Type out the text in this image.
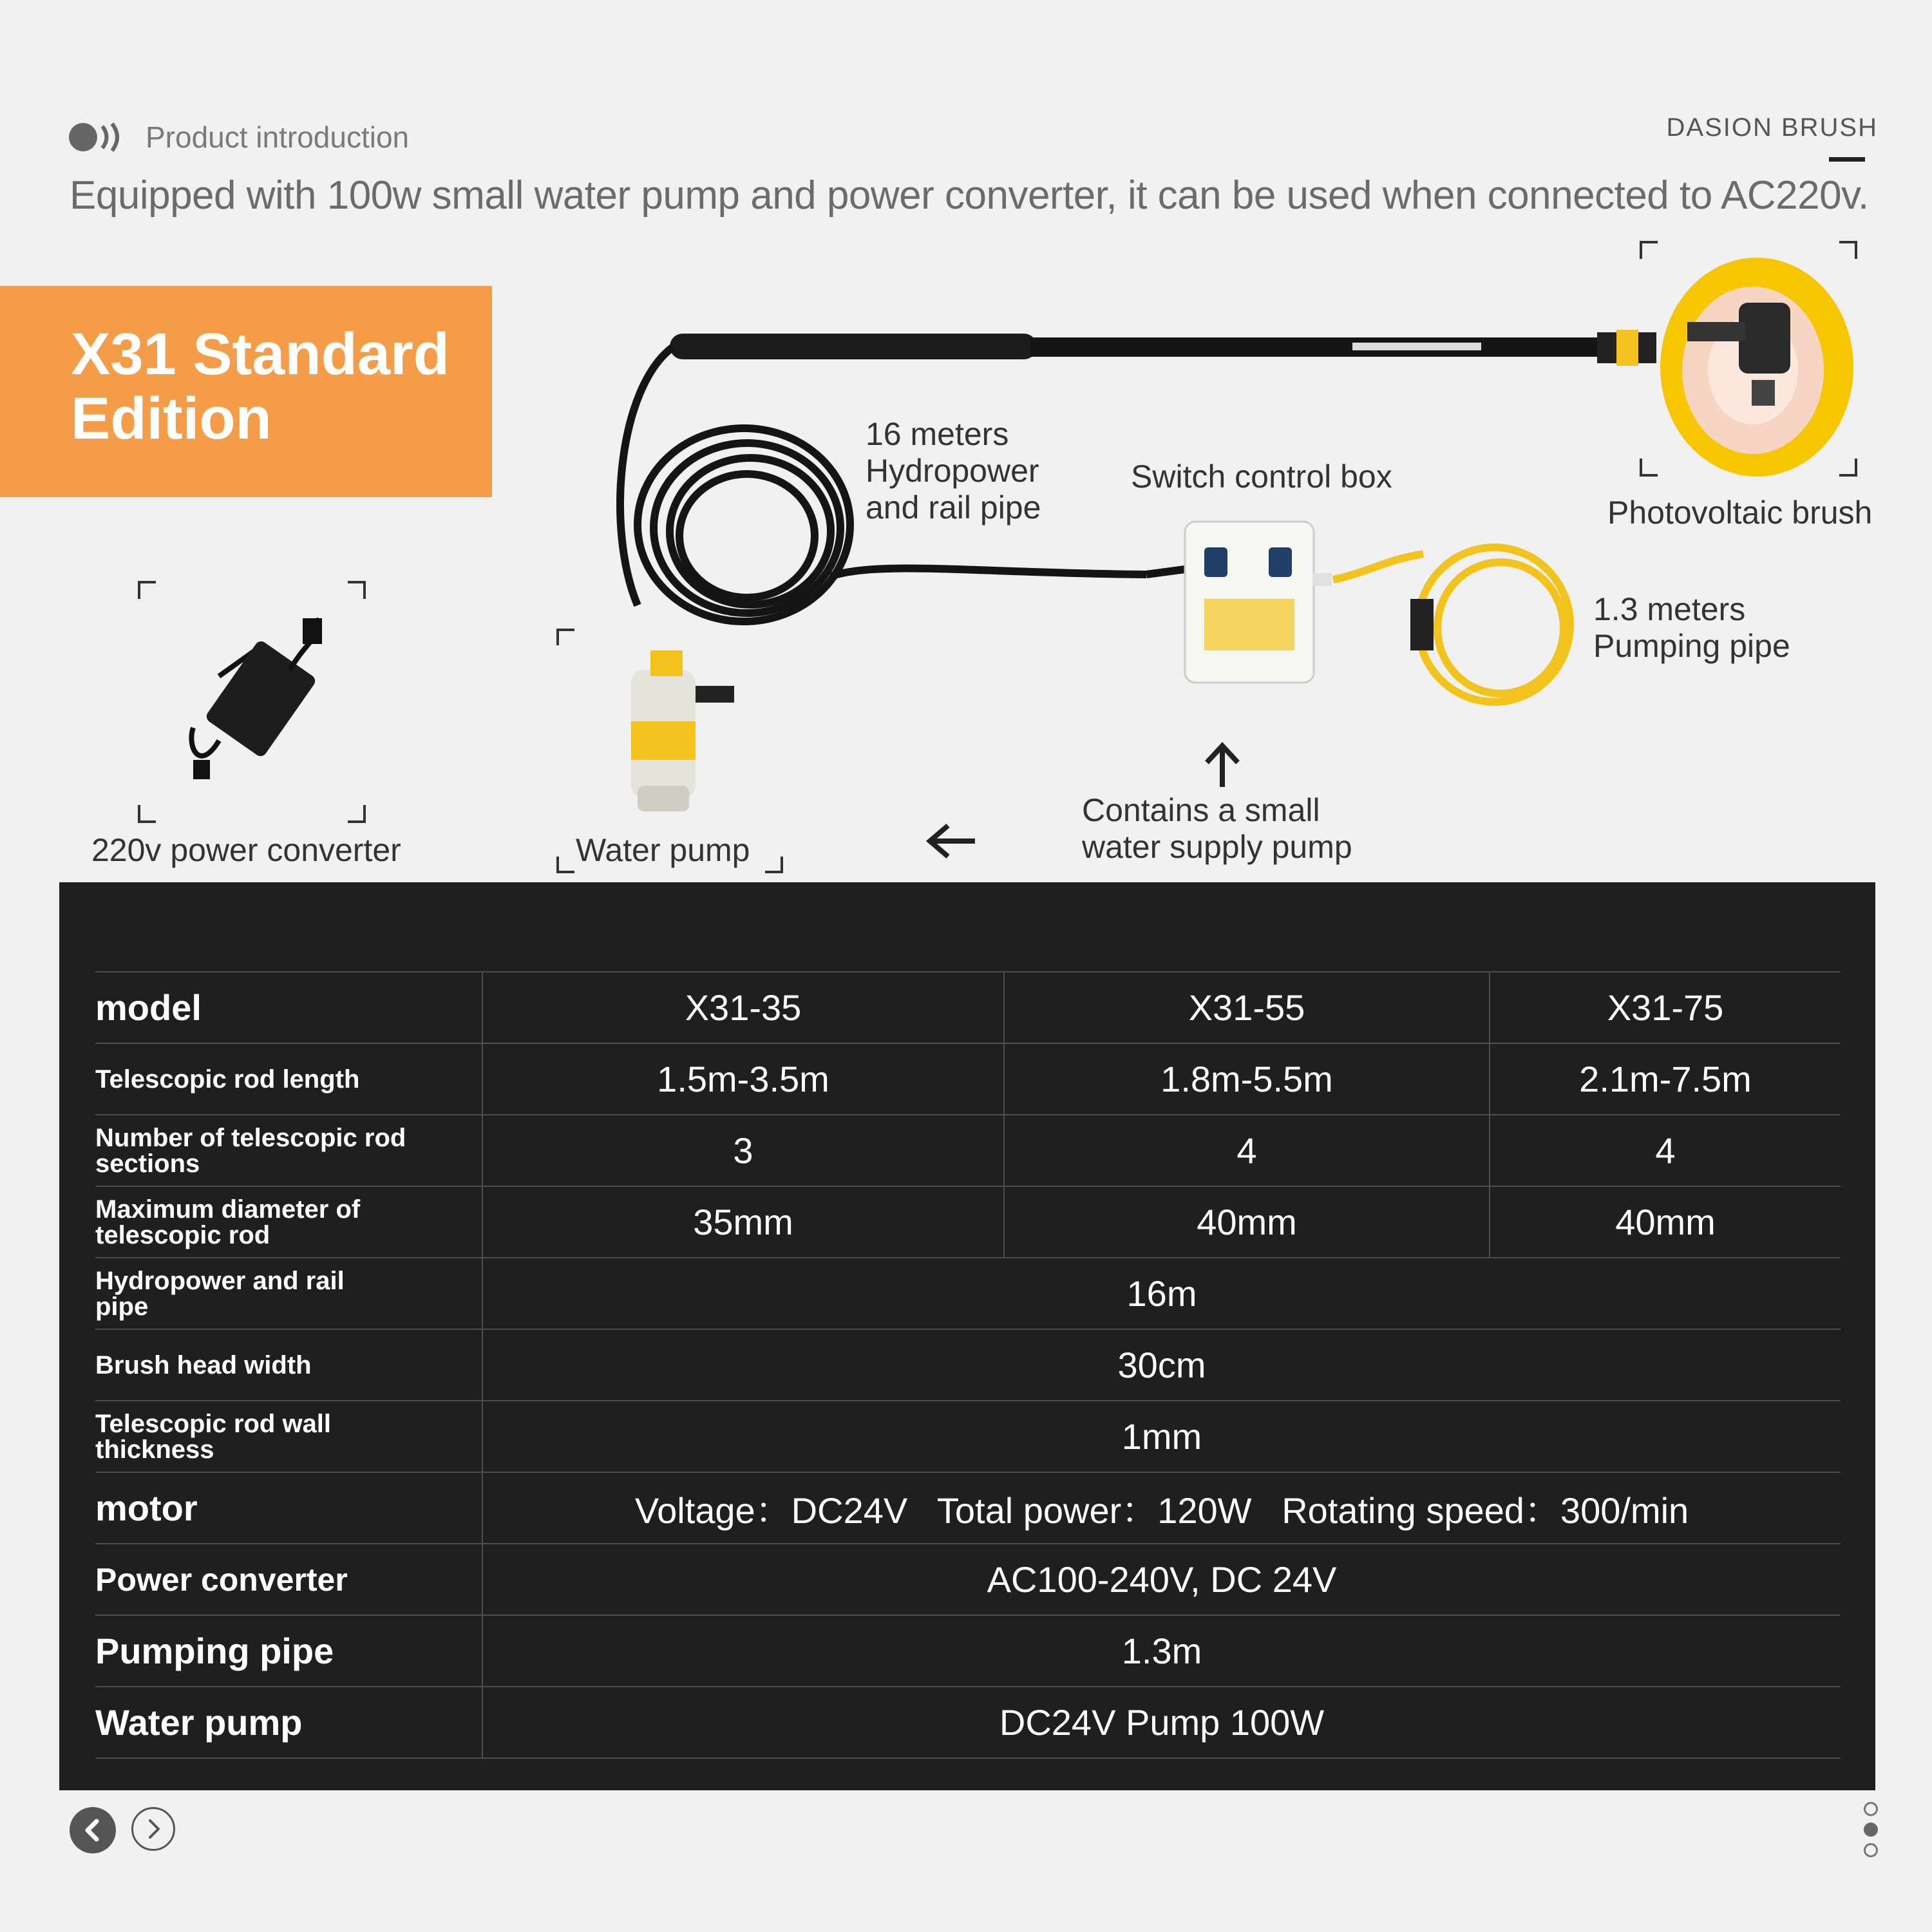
Product introduction	DASION BRUSH
Equipped with 100w small water pump and power converter, it can be used when connected to AC220v.
X31 Standard Edition	16 meters
Hydropower
and rail pipe
Switch control box
Photovoltaic brush
1.3 meters
Pumping pipe
220v power converter	Water pump
Contains a small
water supply pump
model	X31-35	X31-55	X31-75
Telescopic rod length	1.5m-3.5m	1.8m-5.5m	2.1m-7.5m
Number of telescopic rod sections	3	4	4
Maximum diameter of telescopic rod	35mm	40mm	40mm
Hydropower and rail pipe	16m		
Brush head width	30cm		
Telescopic rod wall thickness	1mm		
motor	Voltage：DC24V   Total power：120W   Rotating speed：300/min		
Power converter	AC100-240V, DC 24V		
Pumping pipe	1.3m		
Water pump	DC24V Pump 100W		
